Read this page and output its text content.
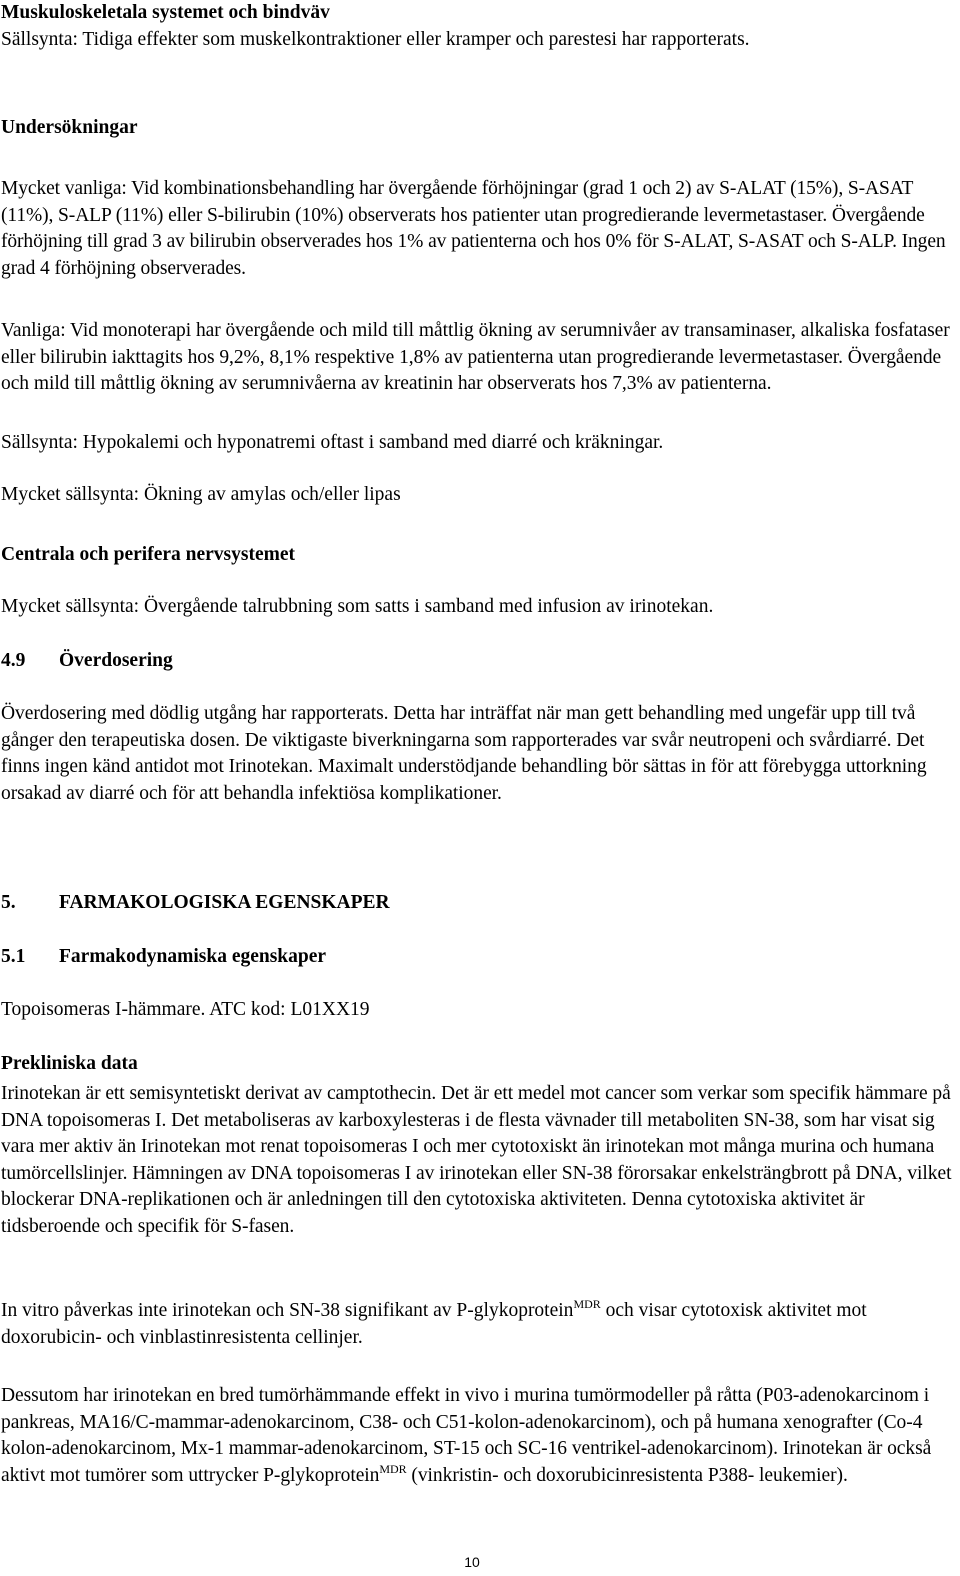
Muskuloskeletala systemet och bindväv
Sällsynta: Tidiga effekter som muskelkontraktioner eller kramper och parestesi har rapporterats.
Undersökningar
Mycket vanliga: Vid kombinationsbehandling har övergående förhöjningar (grad 1 och 2) av S-ALAT (15%), S-ASAT (11%), S-ALP (11%) eller S-bilirubin (10%) observerats hos patienter utan progredierande levermetastaser. Övergående förhöjning till grad 3 av bilirubin observerades hos 1% av patienterna och hos 0% för S-ALAT, S-ASAT och S-ALP. Ingen grad 4 förhöjning observerades.
Vanliga: Vid monoterapi har övergående och mild till måttlig ökning av serumnivåer av transaminaser, alkaliska fosfataser eller bilirubin iakttagits hos 9,2%, 8,1% respektive 1,8% av patienterna utan progredierande levermetastaser. Övergående och mild till måttlig ökning av serumnivåerna av kreatinin har observerats hos 7,3% av patienterna.
Sällsynta: Hypokalemi och hyponatremi oftast i samband med diarré och kräkningar.
Mycket sällsynta: Ökning av amylas och/eller lipas
Centrala och perifera nervsystemet
Mycket sällsynta: Övergående talrubbning som satts i samband med infusion av irinotekan.
4.9 Överdosering
Överdosering med dödlig utgång har rapporterats. Detta har inträffat när man gett behandling med ungefär upp till två gånger den terapeutiska dosen. De viktigaste biverkningarna som rapporterades var svår neutropeni och svårdiarré. Det finns ingen känd antidot mot Irinotekan. Maximalt understödjande behandling bör sättas in för att förebygga uttorkning orsakad av diarré och för att behandla infektiösa komplikationer.
5. FARMAKOLOGISKA EGENSKAPER
5.1 Farmakodynamiska egenskaper
Topoisomeras I-hämmare. ATC kod: L01XX19
Prekliniska data
Irinotekan är ett semisyntetiskt derivat av camptothecin. Det är ett medel mot cancer som verkar som specifik hämmare på DNA topoisomeras I. Det metaboliseras av karboxylesteras i de flesta vävnader till metaboliten SN-38, som har visat sig vara mer aktiv än Irinotekan mot renat topoisomeras I och mer cytotoxiskt än irinotekan mot många murina och humana tumörcellslinjer. Hämningen av DNA topoisomeras I av irinotekan eller SN-38 förorsakar enkelsträngbrott på DNA, vilket blockerar DNA-replikationen och är anledningen till den cytotoxiska aktiviteten. Denna cytotoxiska aktivitet är tidsberoende och specifik för S-fasen.
In vitro påverkas inte irinotekan och SN-38 signifikant av P-glykoprotein$^{MDR}$ och visar cytotoxisk aktivitet mot doxorubicin- och vinblastinresistenta cellinjer.
Dessutom har irinotekan en bred tumörhämmande effekt in vivo i murina tumörmodeller på råtta (P03-adenokarcinom i pankreas, MA16/C-mammar-adenokarcinom, C38- och C51-kolon-adenokarcinom), och på humana xenografter (Co-4 kolon-adenokarcinom, Mx-1 mammar-adenokarcinom, ST-15 och SC-16 ventrikel-adenokarcinom). Irinotekan är också aktivt mot tumörer som uttrycker P-glykoprotein$^{MDR}$ (vinkristin- och doxorubicinresistenta P388- leukemier).
10
